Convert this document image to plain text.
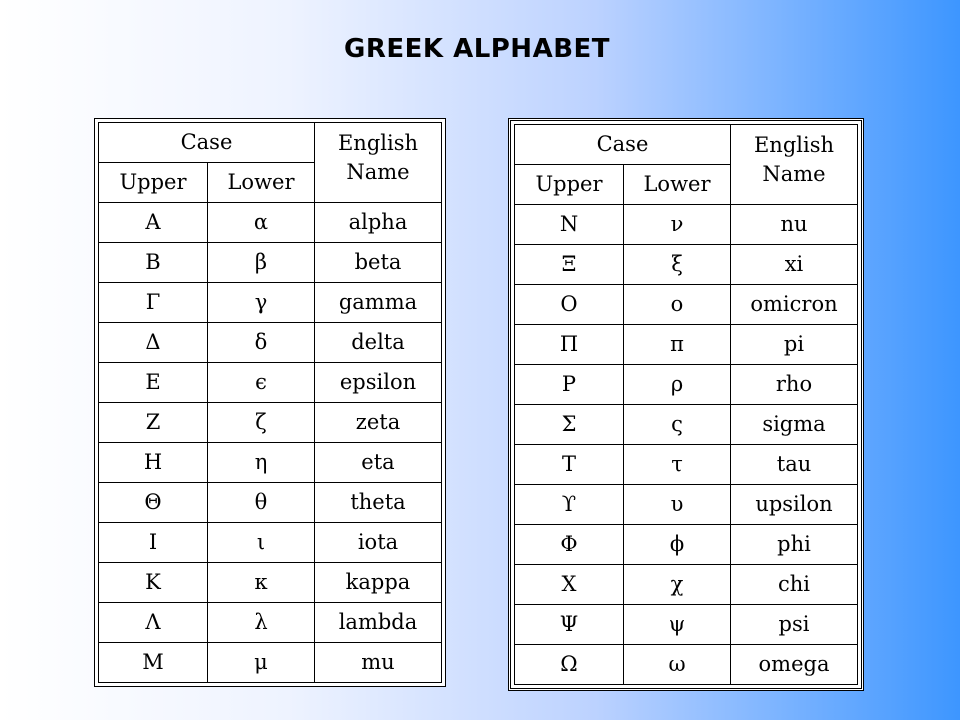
GREEK ALPHABET
Case		English
Name

Upper	Lower	
Α	α	alpha
Β	β	beta
Γ	γ	gamma
Δ	δ	delta
Ε	ϵ	epsilon
Ζ	ζ	zeta
Η	η	eta
Θ	θ	theta
Ι	ι	iota
Κ	κ	kappa
Λ	λ	lambda
Μ	μ	mu
Case		English
Name

Upper	Lower	
Ν	ν	nu
Ξ	ξ	xi
Ο	ο	omicron
Π	π	pi
Ρ	ρ	rho
Σ	ς	sigma
Τ	τ	tau
ϒ	υ	upsilon
Φ	ϕ	phi
Χ	χ	chi
Ψ	ψ	psi
Ω	ω	omega
